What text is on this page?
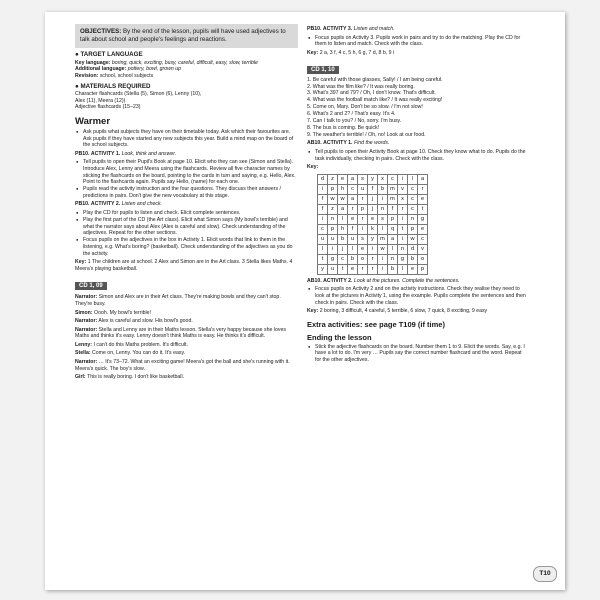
OBJECTIVES: By the end of the lesson, pupils will have used adjectives to talk about school and people's feelings and reactions.
● TARGET LANGUAGE
Key language: boring, quick, exciting, busy, careful, difficult, easy, slow, terrible
Additional language: pottery, bowl, grown up
Revision: school, school subjects
● MATERIALS REQUIRED
Character flashcards (Stella (5), Simon (6), Lenny (10),
Alex (11), Meera (12))
Adjective flashcards (15–23)
Warmer
● Ask pupils what subjects they have on their timetable today. Ask which their favourites are. Ask pupils if they have started any new subjects this year. Build a mind map on the board of the school subjects.
PB10. ACTIVITY 1. Look, think and answer.
● Tell pupils to open their Pupil's Book at page 10. Elicit who they can see (Simon and Stella). Introduce Alex, Lenny and Meera using the flashcards. Review all five character names by sticking the flashcards on the board, pointing to the cards in turn and saying, e.g. Hello, Alex. Point to the flashcards again. Pupils say Hello, (name) for each one.
● Pupils read the activity instruction and the four questions. They discuss their answers / predictions in pairs. Don't give the new vocabulary at this stage.
PB10. ACTIVITY 2. Listen and check.
● Play the CD for pupils to listen and check. Elicit complete sentences.
● Play the first part of the CD (the Art class). Elicit what Simon says (My bowl's terrible) and what the narrator says about Alex (Alex is careful and slow). Check understanding of the adjectives. Repeat for the other sections.
● Focus pupils on the adjectives in the box in Activity 1. Elicit words that link to them in the listening, e.g. What's boring? (basketball). Check understanding of the adjectives as you do the activity.
Key: 1 The children are at school. 2 Alex and Simon are in the Art class. 3 Stella likes Maths. 4 Meera's playing basketball.
CD 1, 09
Narrator: Simon and Alex are in their Art class. They're making bowls and they can't stop. They're busy.
Simon: Oooh. My bowl's terrible!
Narrator: Alex is careful and slow. His bowl's good.
Narrator: Stella and Lenny are in their Maths lesson. Stella's very happy because she loves Maths and thinks it's easy. Lenny doesn't think Maths is easy. He thinks it's difficult.
Lenny: I can't do this Maths problem. It's difficult.
Stella: Come on, Lenny. You can do it. It's easy.
Narrator: … It's 73–72. What an exciting game! Meera's got the ball and she's running with it. Meera's quick. The boy's slow.
Girl: This is really boring. I don't like basketball.
PB10. ACTIVITY 3. Listen and match.
● Focus pupils on Activity 3. Pupils work in pairs and try to do the matching. Play the CD for them to listen and match. Check with the class.
Key: 2 a, 3 f, 4 c, 5 h, 6 g, 7 d, 8 b, 9 i
CD 1, 10
1. Be careful with those glasses, Sally! / I am being careful.
2. What was the film like? / It was really boring.
3. What's 397 and 79? / Oh, I don't know. That's difficult.
4. What was the football match like? / It was really exciting!
5. Come on, Mary. Don't be so slow. / I'm not slow!
6. What's 2 and 2? / That's easy. It's 4.
7. Can I talk to you? / No, sorry. I'm busy.
8. The bus is coming. Be quick!
9. The weather's terrible! / Oh, no! Look at our food.
AB10. ACTIVITY 1. Find the words.
● Tell pupils to open their Activity Book at page 10. Check they know what to do. Pupils do the task individually, checking in pairs. Check with the class.
Key:
d	z	e	a	s	y	x	c	i	l	a
i	p	h	c	u	f	b	m	v	c	r
f	w	w	a	r	j	i	m	x	c	e
f	z	a	r	p	j	n	f	r	c	t
i	n	l	e	r	e	s	p	i	n	g
c	p	h	f	i	k	l	q	t	p	e
u	u	b	u	s	y	m	a	i	w	c
l	i	j	l	e	i	w	l	n	d	v
t	g	c	b	o	r	i	n	g	b	o
y	u	t	e	r	r	i	b	l	e	p
AB10. ACTIVITY 2. Look at the pictures. Complete the sentences.
● Focus pupils on Activity 2 and on the activity instructions. Check they realise they need to look at the pictures in Activity 1, using the example. Pupils complete the sentences and then check in pairs. Check with the class.
Key: 2 boring, 3 difficult, 4 careful, 5 terrible, 6 slow, 7 quick, 8 exciting, 9 easy
Extra activities: see page T109 (if time)
Ending the lesson
● Stick the adjective flashcards on the board. Number them 1 to 9. Elicit the words. Say, e.g. I have a lot to do. I'm very … Pupils say the correct number flashcard and the word. Repeat for the other adjectives.
T10
